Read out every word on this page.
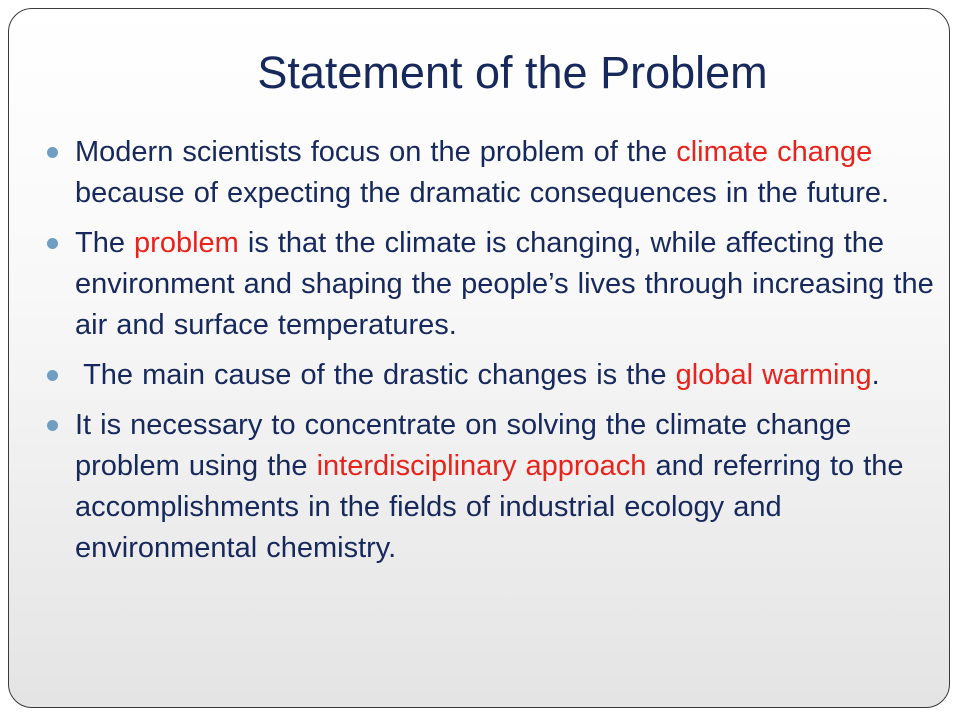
Statement of the Problem
Modern scientists focus on the problem of the climate change because of expecting the dramatic consequences in the future.
The problem is that the climate is changing, while affecting the environment and shaping the people’s lives through increasing the air and surface temperatures.
The main cause of the drastic changes is the global warming.
It is necessary to concentrate on solving the climate change problem using the interdisciplinary approach and referring to the accomplishments in the fields of industrial ecology and environmental chemistry.
